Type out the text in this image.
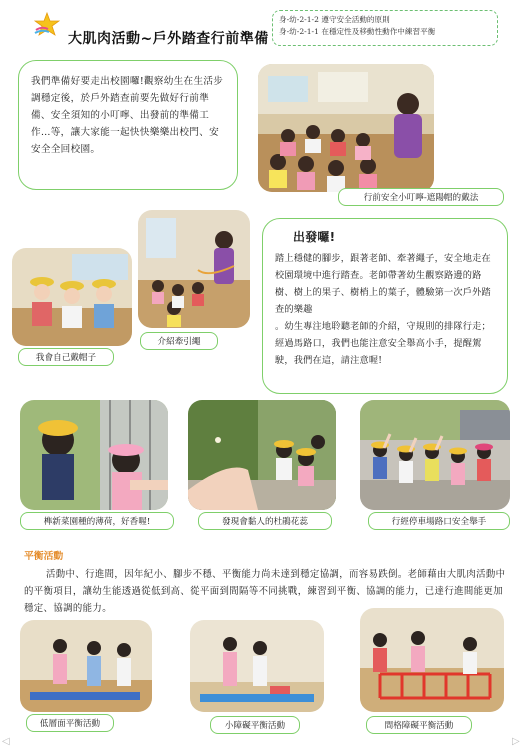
大肌肉活動~戶外踏查行前準備
身-幼-2-1-2 遵守安全活動的原則
身-幼-2-1-1 在穩定性及移動性動作中練習平衡
我們準備好要走出校園囉!觀察幼生在生活步調穩定後，於戶外踏查前要先做好行前準備、安全須知的小叮嚀、出發前的準備工作…等，讓大家能一起快快樂樂出校門、安安全全回校園。
行前安全小叮嚀-遮陽帽的戴法
我會自己戴帽子
介紹牽引繩
出發囉!
踏上穩健的腳步，跟著老師、牽著繩子，安全地走在校園環境中進行踏查。老師帶著幼生觀察路邊的路樹、樹上的果子、樹梢上的葉子，體驗第一次戶外踏查的樂趣
。幼生專注地聆聽老師的介紹，守規則的排隊行走；經過馬路口，我們也能注意安全舉高小手，提醒駕駛，我們在這，請注意喔!
榫新菜園種的薄荷，好香喔!	發現會黏人的杜鵑花蕊	行經停車場路口安全舉手
平衡活動
活動中、行進間，因年紀小、腳步不穩、平衡能力尚未達到穩定協調，而容易跌倒。老師藉由大肌肉活動中的平衡項目，讓幼生能透過從低到高、從平面到間隔等不同挑戰，練習到平衡、協調的能力，已達行進間能更加穩定、協調的能力。
低層面平衡活動	小障礙平衡活動	間格障礙平衡活動
◁	▷
